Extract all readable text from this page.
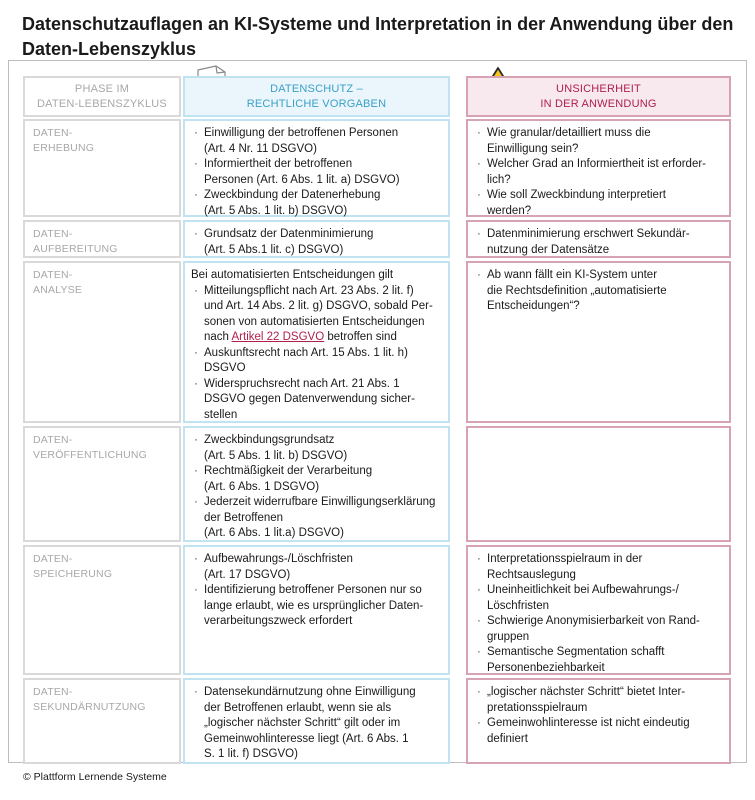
Datenschutzauflagen an KI-Systeme und Interpretation in der Anwendung über den Daten-Lebenszyklus
PHASE IM
DATEN-LEBENSZYKLUS
DATENSCHUTZ –
RECHTLICHE VORGABEN
UNSICHERHEIT
IN DER ANWENDUNG
DATEN-
ERHEBUNG
· Einwilligung der betroffenen Personen
(Art. 4 Nr. 11 DSGVO)
· Informiertheit der betroffenen
Personen (Art. 6 Abs. 1 lit. a) DSGVO)
· Zweckbindung der Datenerhebung
(Art. 5 Abs. 1 lit. b) DSGVO)
· Wie granular/detailliert muss die
Einwilligung sein?
· Welcher Grad an Informiertheit ist erforder-
lich?
· Wie soll Zweckbindung interpretiert
werden?
DATEN-
AUFBEREITUNG
· Grundsatz der Datenminimierung
(Art. 5 Abs.1 lit. c) DSGVO)
· Datenminimierung erschwert Sekundär-
nutzung der Datensätze
DATEN-
ANALYSE
Bei automatisierten Entscheidungen gilt
· Mitteilungspflicht nach Art. 23 Abs. 2 lit. f)
und Art. 14 Abs. 2 lit. g) DSGVO, sobald Per-
sonen von automatisierten Entscheidungen
nach Artikel 22 DSGVO betroffen sind
· Auskunftsrecht nach Art. 15 Abs. 1 lit. h)
DSGVO
· Widerspruchsrecht nach Art. 21 Abs. 1
DSGVO gegen Datenverwendung sicher-
stellen
· Ab wann fällt ein KI-System unter
die Rechtsdefinition „automatisierte
Entscheidungen“?
DATEN-
VERÖFFENTLICHUNG
· Zweckbindungsgrundsatz
(Art. 5 Abs. 1 lit. b) DSGVO)
· Rechtmäßigkeit der Verarbeitung
(Art. 6 Abs. 1 DSGVO)
· Jederzeit widerrufbare Einwilligungserklärung
der Betroffenen
(Art. 6 Abs. 1 lit.a) DSGVO)
DATEN-
SPEICHERUNG
· Aufbewahrungs-/Löschfristen
(Art. 17 DSGVO)
· Identifizierung betroffener Personen nur so
lange erlaubt, wie es ursprünglicher Daten-
verarbeitungszweck erfordert
· Interpretationsspielraum in der
Rechtsauslegung
· Uneinheitlichkeit bei Aufbewahrungs-/
Löschfristen
· Schwierige Anonymisierbarkeit von Rand-
gruppen
· Semantische Segmentation schafft
Personenbeziehbarkeit
DATEN-
SEKUNDÄRNUTZUNG
· Datensekundärnutzung ohne Einwilligung
der Betroffenen erlaubt, wenn sie als
„logischer nächster Schritt“ gilt oder im
Gemeinwohlinteresse liegt (Art. 6 Abs. 1
S. 1 lit. f) DSGVO)
· „logischer nächster Schritt“ bietet Inter-
pretationsspielraum
· Gemeinwohlinteresse ist nicht eindeutig
definiert
© Plattform Lernende Systeme
